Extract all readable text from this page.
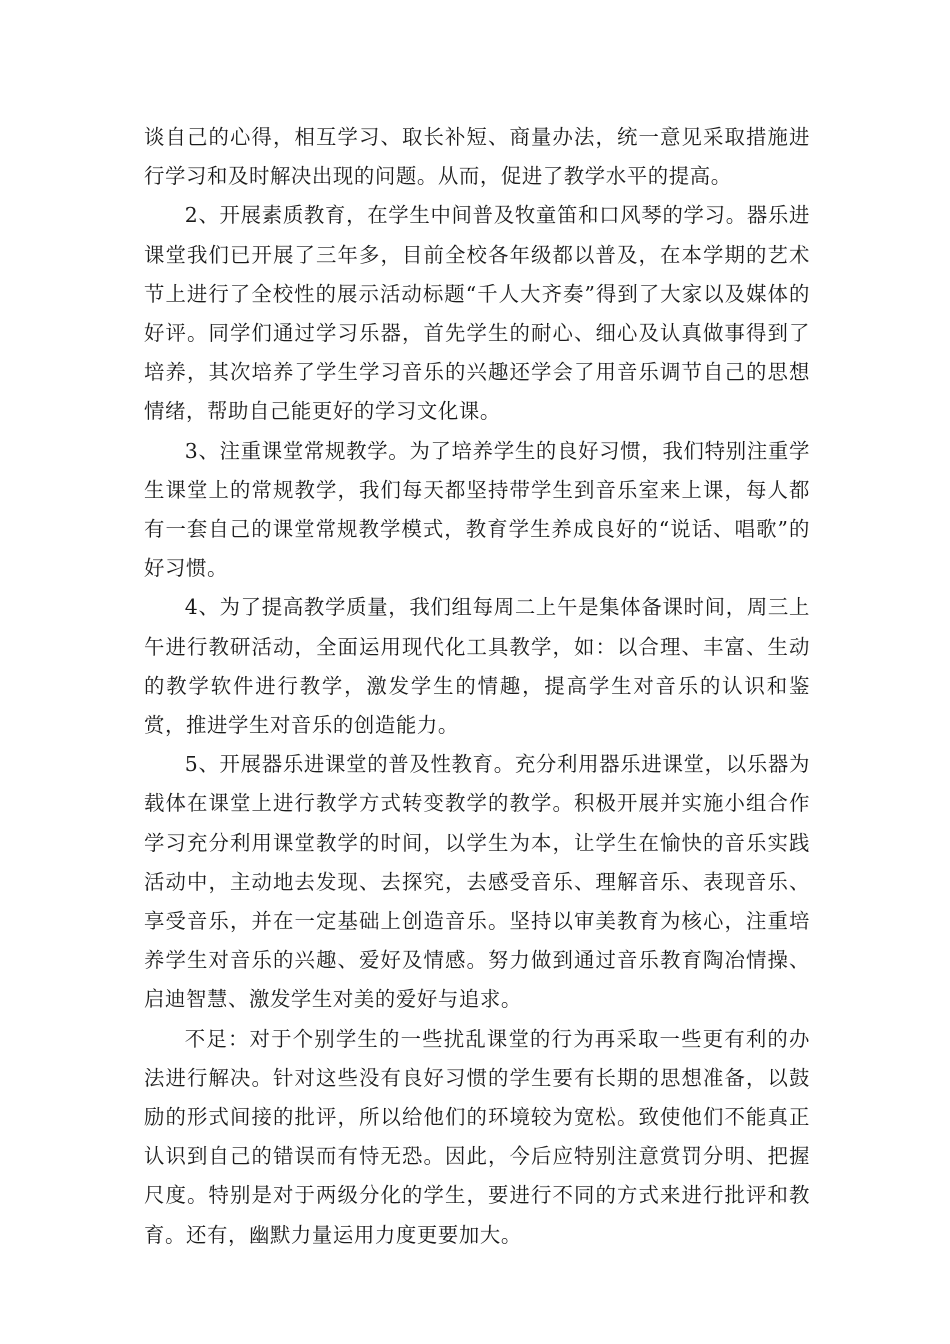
谈自己的心得，相互学习、取长补短、商量办法，统一意见采取措施进行学习和及时解决出现的问题。从而，促进了教学水平的提高。

2、开展素质教育，在学生中间普及牧童笛和口风琴的学习。器乐进课堂我们已开展了三年多，目前全校各年级都以普及，在本学期的艺术节上进行了全校性的展示活动标题“千人大齐奏”得到了大家以及媒体的好评。同学们通过学习乐器，首先学生的耐心、细心及认真做事得到了培养，其次培养了学生学习音乐的兴趣还学会了用音乐调节自己的思想情绪，帮助自己能更好的学习文化课。

3、注重课堂常规教学。为了培养学生的良好习惯，我们特别注重学生课堂上的常规教学，我们每天都坚持带学生到音乐室来上课，每人都有一套自己的课堂常规教学模式，教育学生养成良好的“说话、唱歌”的好习惯。

4、为了提高教学质量，我们组每周二上午是集体备课时间，周三上午进行教研活动，全面运用现代化工具教学，如：以合理、丰富、生动的教学软件进行教学，激发学生的情趣，提高学生对音乐的认识和鉴赏，推进学生对音乐的创造能力。

5、开展器乐进课堂的普及性教育。充分利用器乐进课堂，以乐器为载体在课堂上进行教学方式转变教学的教学。积极开展并实施小组合作学习充分利用课堂教学的时间，以学生为本，让学生在愉快的音乐实践活动中，主动地去发现、去探究，去感受音乐、理解音乐、表现音乐、享受音乐，并在一定基础上创造音乐。坚持以审美教育为核心，注重培养学生对音乐的兴趣、爱好及情感。努力做到通过音乐教育陶冶情操、启迪智慧、激发学生对美的爱好与追求。

不足：对于个别学生的一些扰乱课堂的行为再采取一些更有利的办法进行解决。针对这些没有良好习惯的学生要有长期的思想准备，以鼓励的形式间接的批评，所以给他们的环境较为宽松。致使他们不能真正认识到自己的错误而有恃无恐。因此，今后应特别注意赏罚分明、把握尺度。特别是对于两级分化的学生，要进行不同的方式来进行批评和教育。还有，幽默力量运用力度更要加大。
